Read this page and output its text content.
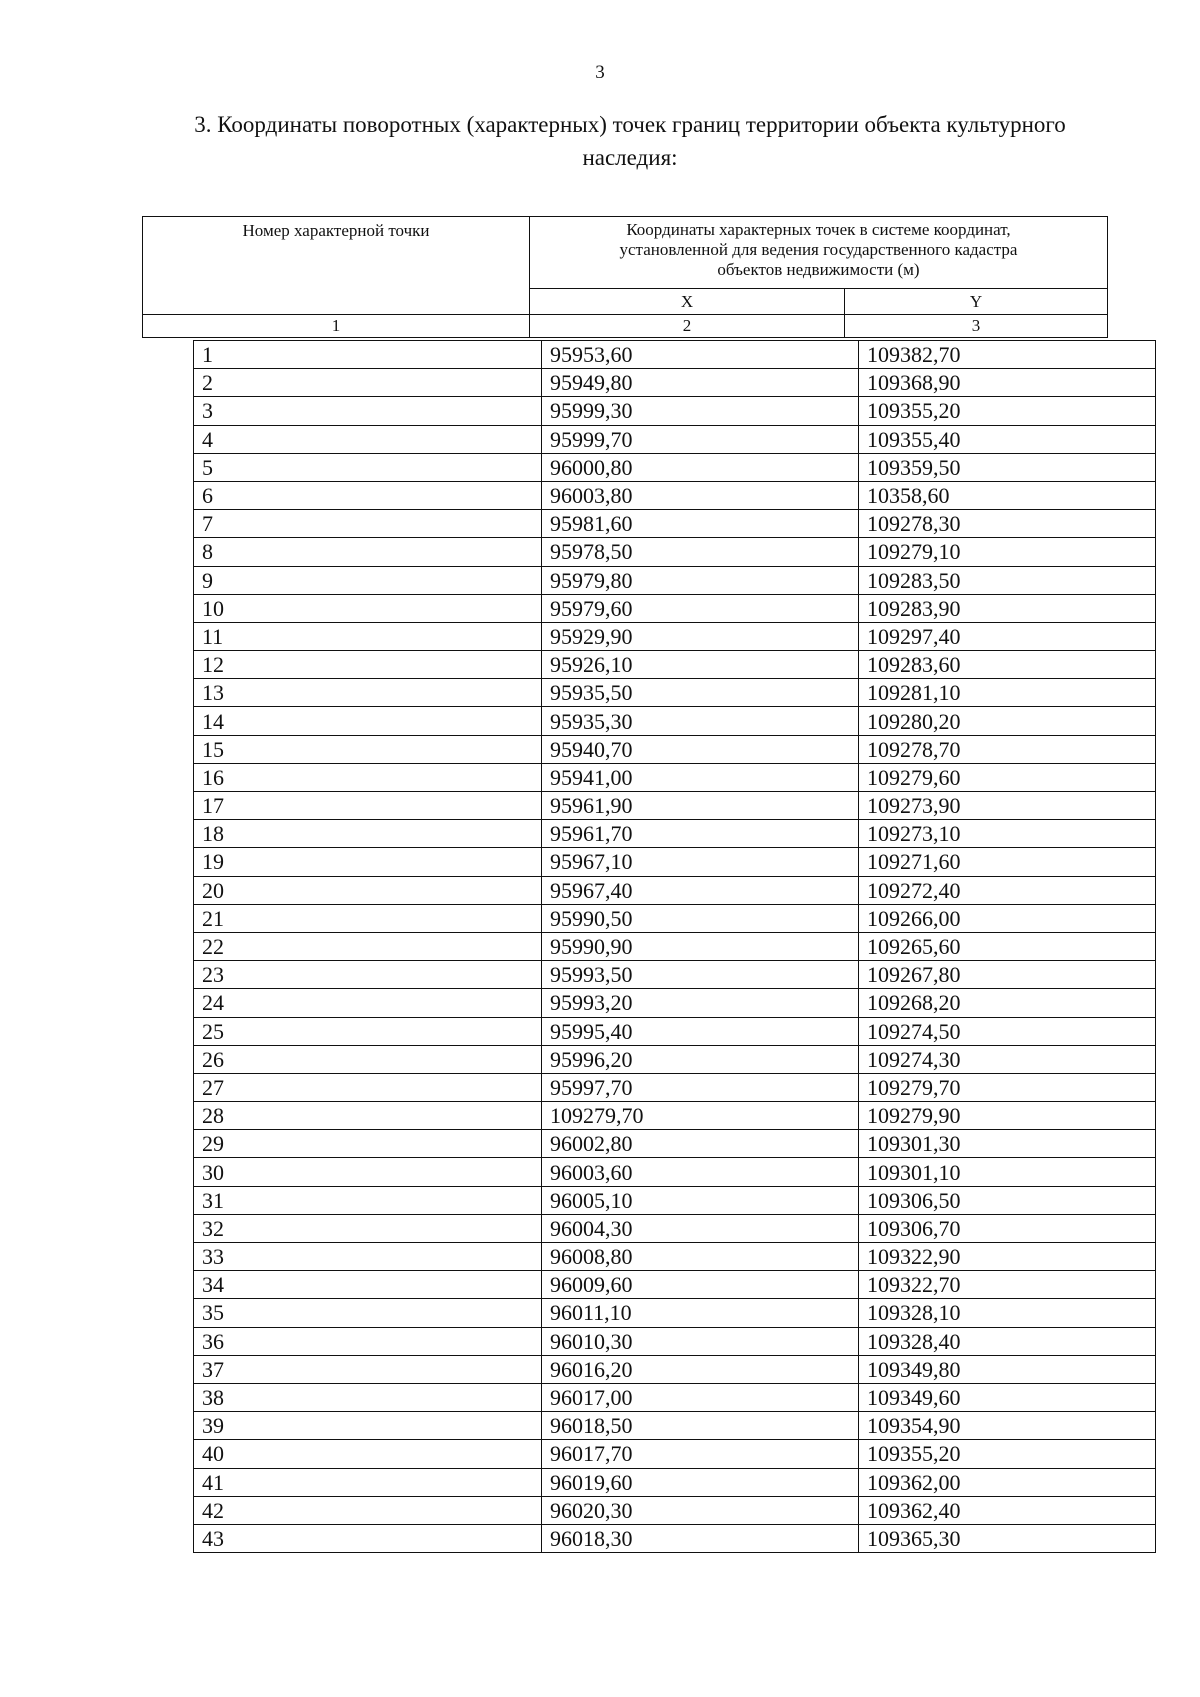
3
3. Координаты поворотных (характерных) точек границ территории объекта культурного
наследия:
Номер характерной точки	Координаты характерных точек в системе координат,
установленной для ведения государственного кадастра
объектов недвижимости (м)	

	X	Y
1	2	3
1	95953,60	109382,70
2	95949,80	109368,90
3	95999,30	109355,20
4	95999,70	109355,40
5	96000,80	109359,50
6	96003,80	10358,60
7	95981,60	109278,30
8	95978,50	109279,10
9	95979,80	109283,50
10	95979,60	109283,90
11	95929,90	109297,40
12	95926,10	109283,60
13	95935,50	109281,10
14	95935,30	109280,20
15	95940,70	109278,70
16	95941,00	109279,60
17	95961,90	109273,90
18	95961,70	109273,10
19	95967,10	109271,60
20	95967,40	109272,40
21	95990,50	109266,00
22	95990,90	109265,60
23	95993,50	109267,80
24	95993,20	109268,20
25	95995,40	109274,50
26	95996,20	109274,30
27	95997,70	109279,70
28	109279,70	109279,90
29	96002,80	109301,30
30	96003,60	109301,10
31	96005,10	109306,50
32	96004,30	109306,70
33	96008,80	109322,90
34	96009,60	109322,70
35	96011,10	109328,10
36	96010,30	109328,40
37	96016,20	109349,80
38	96017,00	109349,60
39	96018,50	109354,90
40	96017,70	109355,20
41	96019,60	109362,00
42	96020,30	109362,40
43	96018,30	109365,30
